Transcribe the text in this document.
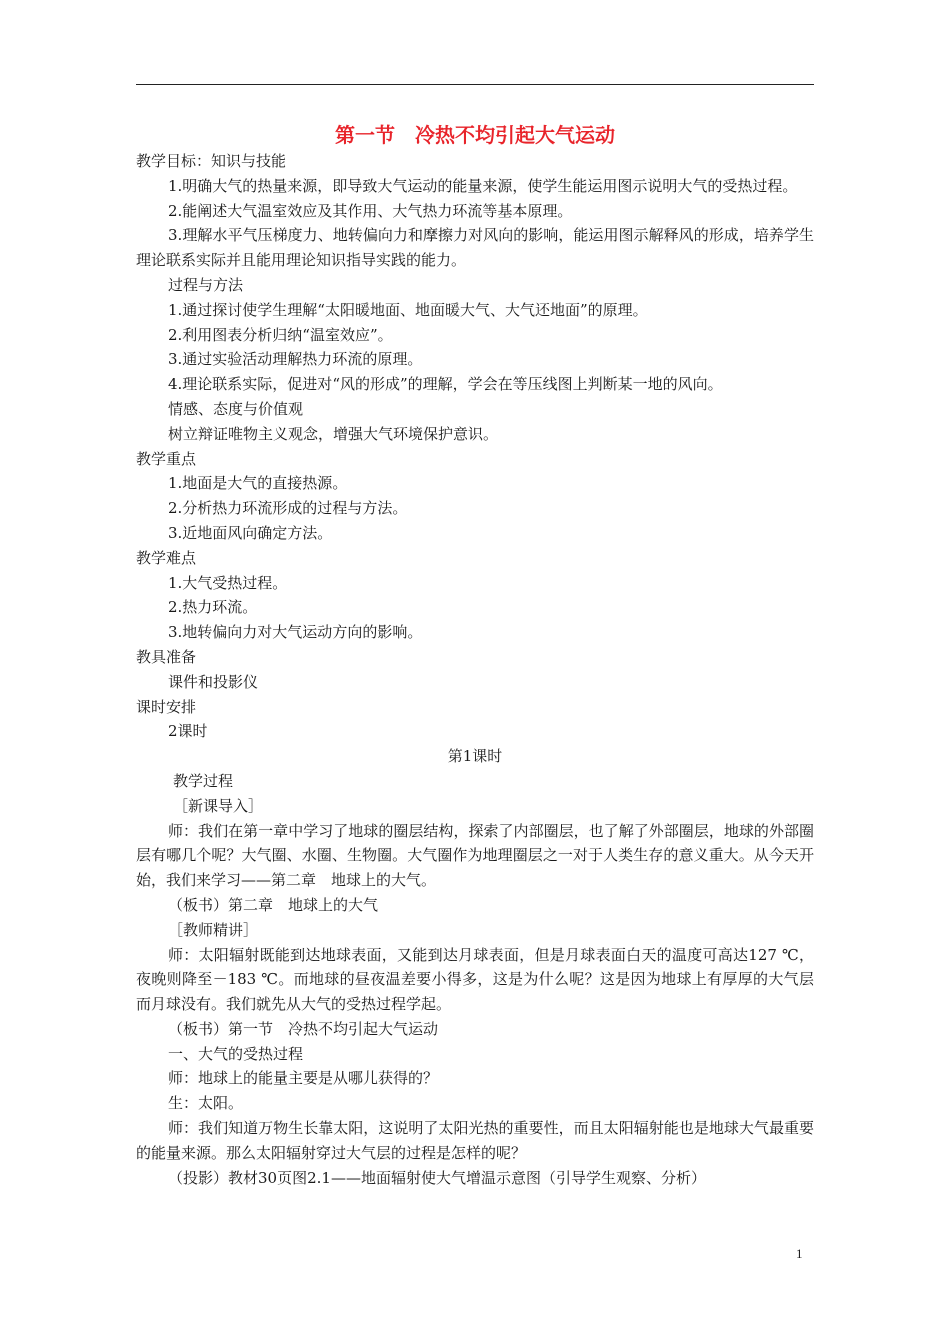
第一节　冷热不均引起大气运动

教学目标：知识与技能

1.明确大气的热量来源，即导致大气运动的能量来源，使学生能运用图示说明大气的受热过程。

2.能阐述大气温室效应及其作用、大气热力环流等基本原理。

3.理解水平气压梯度力、地转偏向力和摩擦力对风向的影响，能运用图示解释风的形成，培养学生理论联系实际并且能用理论知识指导实践的能力。

过程与方法

1.通过探讨使学生理解“太阳暖地面、地面暖大气、大气还地面”的原理。

2.利用图表分析归纳“温室效应”。

3.通过实验活动理解热力环流的原理。

4.理论联系实际，促进对“风的形成”的理解，学会在等压线图上判断某一地的风向。

情感、态度与价值观

树立辩证唯物主义观念，增强大气环境保护意识。

教学重点

1.地面是大气的直接热源。

2.分析热力环流形成的过程与方法。

3.近地面风向确定方法。

教学难点

1.大气受热过程。

2.热力环流。

3.地转偏向力对大气运动方向的影响。

教具准备

课件和投影仪

课时安排

2课时

第1课时

教学过程

［新课导入］

师：我们在第一章中学习了地球的圈层结构，探索了内部圈层，也了解了外部圈层，地球的外部圈层有哪几个呢？大气圈、水圈、生物圈。大气圈作为地理圈层之一对于人类生存的意义重大。从今天开始，我们来学习——第二章　地球上的大气。

（板书）第二章　地球上的大气

［教师精讲］

师：太阳辐射既能到达地球表面，又能到达月球表面，但是月球表面白天的温度可高达127 ℃，夜晚则降至－183 ℃。而地球的昼夜温差要小得多，这是为什么呢？这是因为地球上有厚厚的大气层而月球没有。我们就先从大气的受热过程学起。

（板书）第一节　冷热不均引起大气运动

一、大气的受热过程

师：地球上的能量主要是从哪儿获得的？

生：太阳。

师：我们知道万物生长靠太阳，这说明了太阳光热的重要性，而且太阳辐射能也是地球大气最重要的能量来源。那么太阳辐射穿过大气层的过程是怎样的呢？

（投影）教材30页图2.1——地面辐射使大气增温示意图（引导学生观察、分析）

1
